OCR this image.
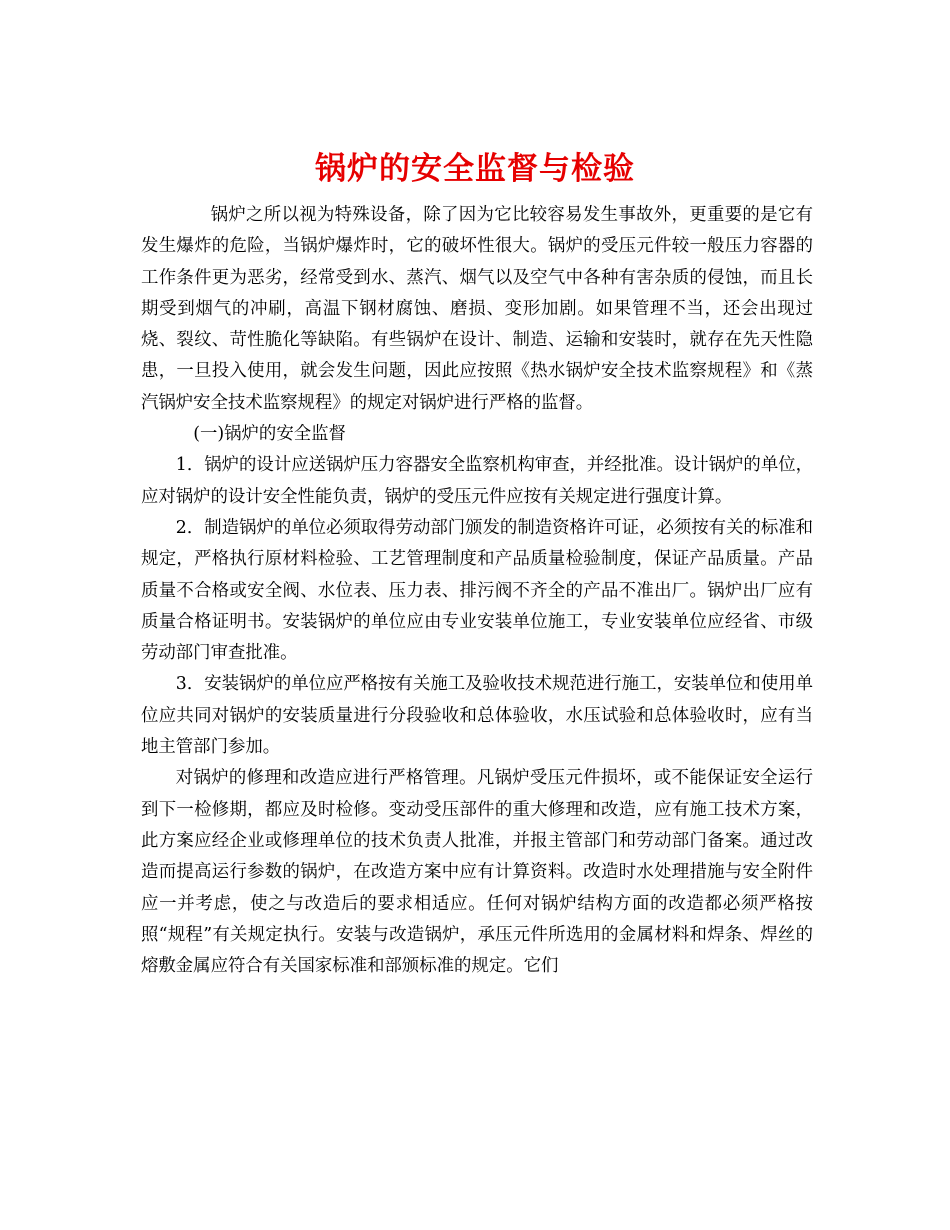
锅炉的安全监督与检验

锅炉之所以视为特殊设备，除了因为它比较容易发生事故外，更重要的是它有发生爆炸的危险，当锅炉爆炸时，它的破坏性很大。锅炉的受压元件较一般压力容器的工作条件更为恶劣，经常受到水、蒸汽、烟气以及空气中各种有害杂质的侵蚀，而且长期受到烟气的冲刷，高温下钢材腐蚀、磨损、变形加剧。如果管理不当，还会出现过烧、裂纹、苛性脆化等缺陷。有些锅炉在设计、制造、运输和安装时，就存在先天性隐患，一旦投入使用，就会发生问题，因此应按照《热水锅炉安全技术监察规程》和《蒸汽锅炉安全技术监察规程》的规定对锅炉进行严格的监督。

(一)锅炉的安全监督

1．锅炉的设计应送锅炉压力容器安全监察机构审查，并经批准。设计锅炉的单位，应对锅炉的设计安全性能负责，锅炉的受压元件应按有关规定进行强度计算。

2．制造锅炉的单位必须取得劳动部门颁发的制造资格许可证，必须按有关的标准和规定，严格执行原材料检验、工艺管理制度和产品质量检验制度，保证产品质量。产品质量不合格或安全阀、水位表、压力表、排污阀不齐全的产品不准出厂。锅炉出厂应有质量合格证明书。安装锅炉的单位应由专业安装单位施工，专业安装单位应经省、市级劳动部门审查批准。

3．安装锅炉的单位应严格按有关施工及验收技术规范进行施工，安装单位和使用单位应共同对锅炉的安装质量进行分段验收和总体验收，水压试验和总体验收时，应有当地主管部门参加。

对锅炉的修理和改造应进行严格管理。凡锅炉受压元件损坏，或不能保证安全运行到下一检修期，都应及时检修。变动受压部件的重大修理和改造，应有施工技术方案，此方案应经企业或修理单位的技术负责人批准，并报主管部门和劳动部门备案。通过改造而提高运行参数的锅炉，在改造方案中应有计算资料。改造时水处理措施与安全附件应一并考虑，使之与改造后的要求相适应。任何对锅炉结构方面的改造都必须严格按照“规程”有关规定执行。安装与改造锅炉，承压元件所选用的金属材料和焊条、焊丝的熔敷金属应符合有关国家标准和部颁标准的规定。它们
